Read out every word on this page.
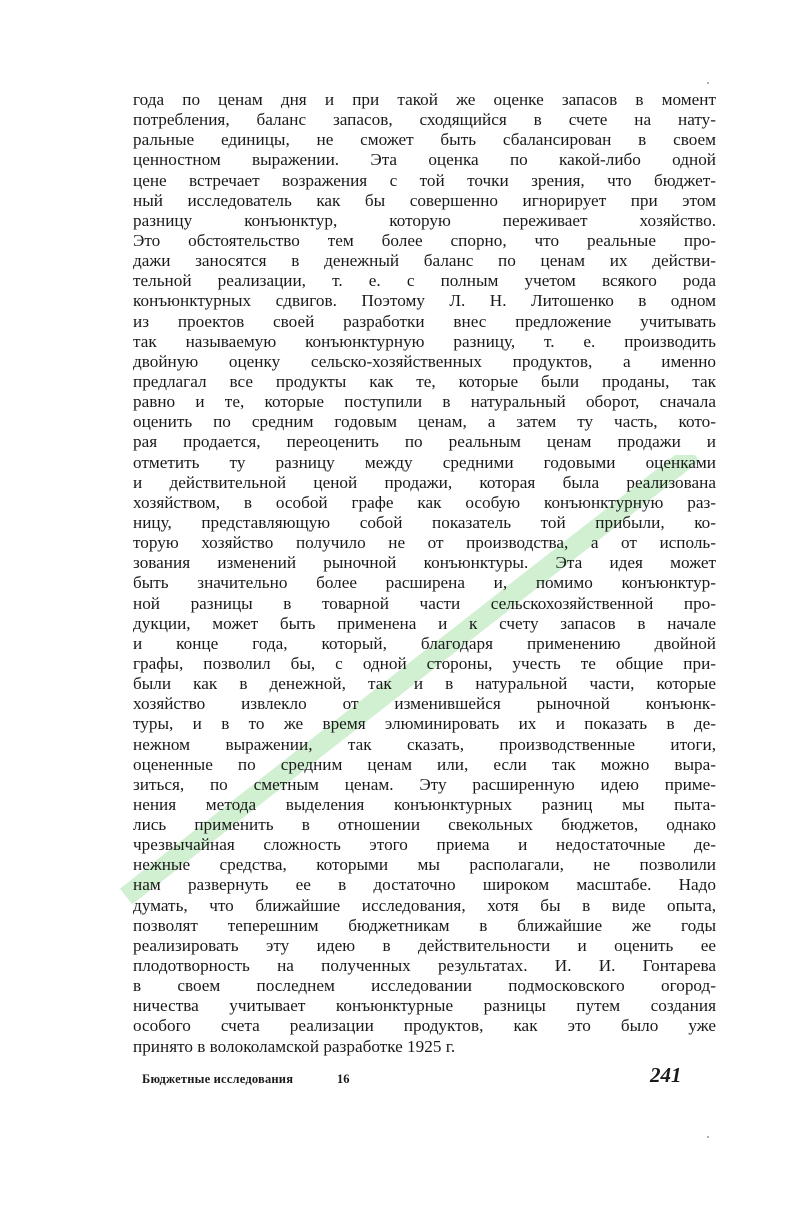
года по ценам дня и при такой же оценке запасов в момент
потребления, баланс запасов, сходящийся в счете на нату-
ральные единицы, не сможет быть сбалансирован в своем
ценностном выражении. Эта оценка по какой-либо одной
цене встречает возражения с той точки зрения, что бюджет-
ный исследователь как бы совершенно игнорирует при этом
разницу конъюнктур, которую переживает хозяйство.
Это обстоятельство тем более спорно, что реальные про-
дажи заносятся в денежный баланс по ценам их действи-
тельной реализации, т. е. с полным учетом всякого рода
конъюнктурных сдвигов. Поэтому Л. Н. Литошенко в одном
из проектов своей разработки внес предложение учитывать
так называемую конъюнктурную разницу, т. е. производить
двойную оценку сельско-хозяйственных продуктов, а именно
предлагал все продукты как те, которые были проданы, так
равно и те, которые поступили в натуральный оборот, сначала
оценить по средним годовым ценам, а затем ту часть, кото-
рая продается, переоценить по реальным ценам продажи и
отметить ту разницу между средними годовыми оценками
и действительной ценой продажи, которая была реализована
хозяйством, в особой графе как особую конъюнктурную раз-
ницу, представляющую собой показатель той прибыли, ко-
торую хозяйство получило не от производства, а от исполь-
зования изменений рыночной конъюнктуры. Эта идея может
быть значительно более расширена и, помимо конъюнктур-
ной разницы в товарной части сельскохозяйственной про-
дукции, может быть применена и к счету запасов в начале
и конце года, который, благодаря применению двойной
графы, позволил бы, с одной стороны, учесть те общие при-
были как в денежной, так и в натуральной части, которые
хозяйство извлекло от изменившейся рыночной конъюнк-
туры, и в то же время элюминировать их и показать в де-
нежном выражении, так сказать, производственные итоги,
оцененные по средним ценам или, если так можно выра-
зиться, по сметным ценам. Эту расширенную идею приме-
нения метода выделения конъюнктурных разниц мы пыта-
лись применить в отношении свекольных бюджетов, однако
чрезвычайная сложность этого приема и недостаточные де-
нежные средства, которыми мы располагали, не позволили
нам развернуть ее в достаточно широком масштабе. Надо
думать, что ближайшие исследования, хотя бы в виде опыта,
позволят теперешним бюджетникам в ближайшие же годы
реализировать эту идею в действительности и оценить ее
плодотворность на полученных результатах. И. И. Гонтарева
в своем последнем исследовании подмосковского огород-
ничества учитывает конъюнктурные разницы путем создания
особого счета реализации продуктов, как это было уже
принято в волоколамской разработке 1925 г.
Бюджетные исследования	16	241
